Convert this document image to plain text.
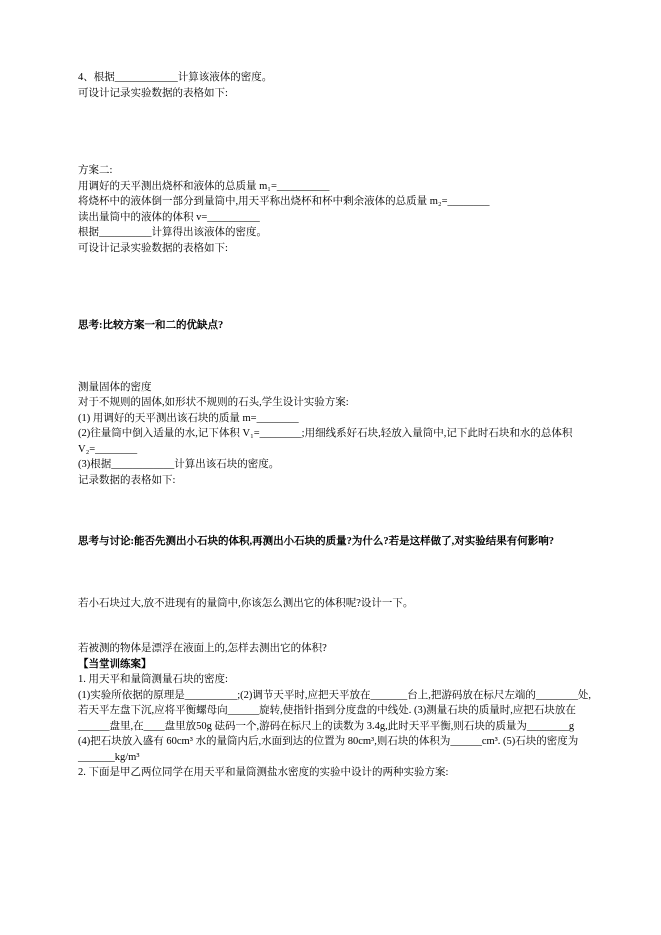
4、根据____________计算该液体的密度。

可设计记录实验数据的表格如下:

方案二:

用调好的天平测出烧杯和液体的总质量 m₁=__________

将烧杯中的液体倒一部分到量筒中,用天平称出烧杯和杯中剩余液体的总质量 m₂=________

读出量筒中的液体的体积 v=__________

根据__________计算得出该液体的密度。

可设计记录实验数据的表格如下:

思考:比较方案一和二的优缺点?

测量固体的密度

对于不规则的固体,如形状不规则的石头,学生设计实验方案:

(1) 用调好的天平测出该石块的质量 m=________

(2)往量筒中倒入适量的水,记下体积 V₁=________;用细线系好石块,轻放入量筒中,记下此时石块和水的总体积 V₂=________

(3)根据____________计算出该石块的密度。

记录数据的表格如下:

思考与讨论:能否先测出小石块的体积,再测出小石块的质量?为什么?若是这样做了,对实验结果有何影响?

若小石块过大,放不进现有的量筒中,你该怎么测出它的体积呢?设计一下。

若被测的物体是漂浮在液面上的,怎样去测出它的体积?

【当堂训练案】

1. 用天平和量筒测量石块的密度:

(1)实验所依据的原理是__________;(2)调节天平时,应把天平放在_______台上,把游码放在标尺左端的________处,若天平左盘下沉,应将平衡螺母向______旋转,使指针指到分度盘的中线处. (3)测量石块的质量时,应把石块放在______盘里,在____盘里放50g 砝码一个,游码在标尺上的读数为 3.4g,此时天平平衡,则石块的质量为________g

(4)把石块放入盛有 60cm³ 水的量筒内后,水面到达的位置为 80cm³,则石块的体积为______cm³. (5)石块的密度为_______kg/m³

2. 下面是甲乙两位同学在用天平和量筒测盐水密度的实验中设计的两种实验方案:
